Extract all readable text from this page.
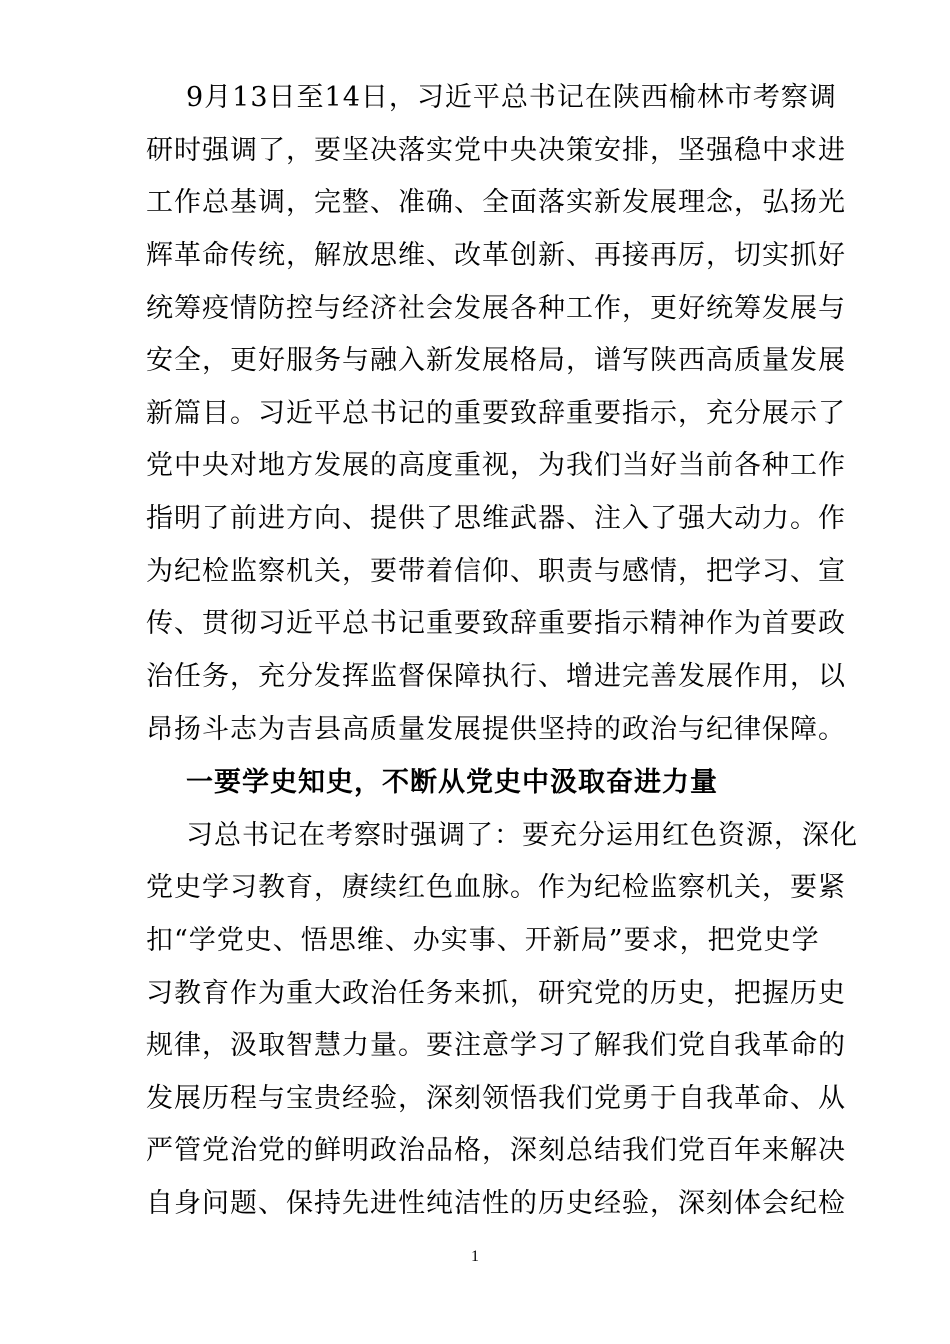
9月13日至14日，习近平总书记在陕西榆林市考察调
研时强调了，要坚决落实党中央决策安排，坚强稳中求进
工作总基调，完整、准确、全面落实新发展理念，弘扬光
辉革命传统，解放思维、改革创新、再接再厉，切实抓好
统筹疫情防控与经济社会发展各种工作，更好统筹发展与
安全，更好服务与融入新发展格局，谱写陕西高质量发展
新篇目。习近平总书记的重要致辞重要指示，充分展示了
党中央对地方发展的高度重视，为我们当好当前各种工作
指明了前进方向、提供了思维武器、注入了强大动力。作
为纪检监察机关，要带着信仰、职责与感情，把学习、宣
传、贯彻习近平总书记重要致辞重要指示精神作为首要政
治任务，充分发挥监督保障执行、增进完善发展作用，以
昂扬斗志为吉县高质量发展提供坚持的政治与纪律保障。
一要学史知史，不断从党史中汲取奋进力量
习总书记在考察时强调了：要充分运用红色资源，深化
党史学习教育，赓续红色血脉。作为纪检监察机关，要紧
扣“学党史、悟思维、办实事、开新局”要求，把党史学
习教育作为重大政治任务来抓，研究党的历史，把握历史
规律，汲取智慧力量。要注意学习了解我们党自我革命的
发展历程与宝贵经验，深刻领悟我们党勇于自我革命、从
严管党治党的鲜明政治品格，深刻总结我们党百年来解决
自身问题、保持先进性纯洁性的历史经验，深刻体会纪检
1
